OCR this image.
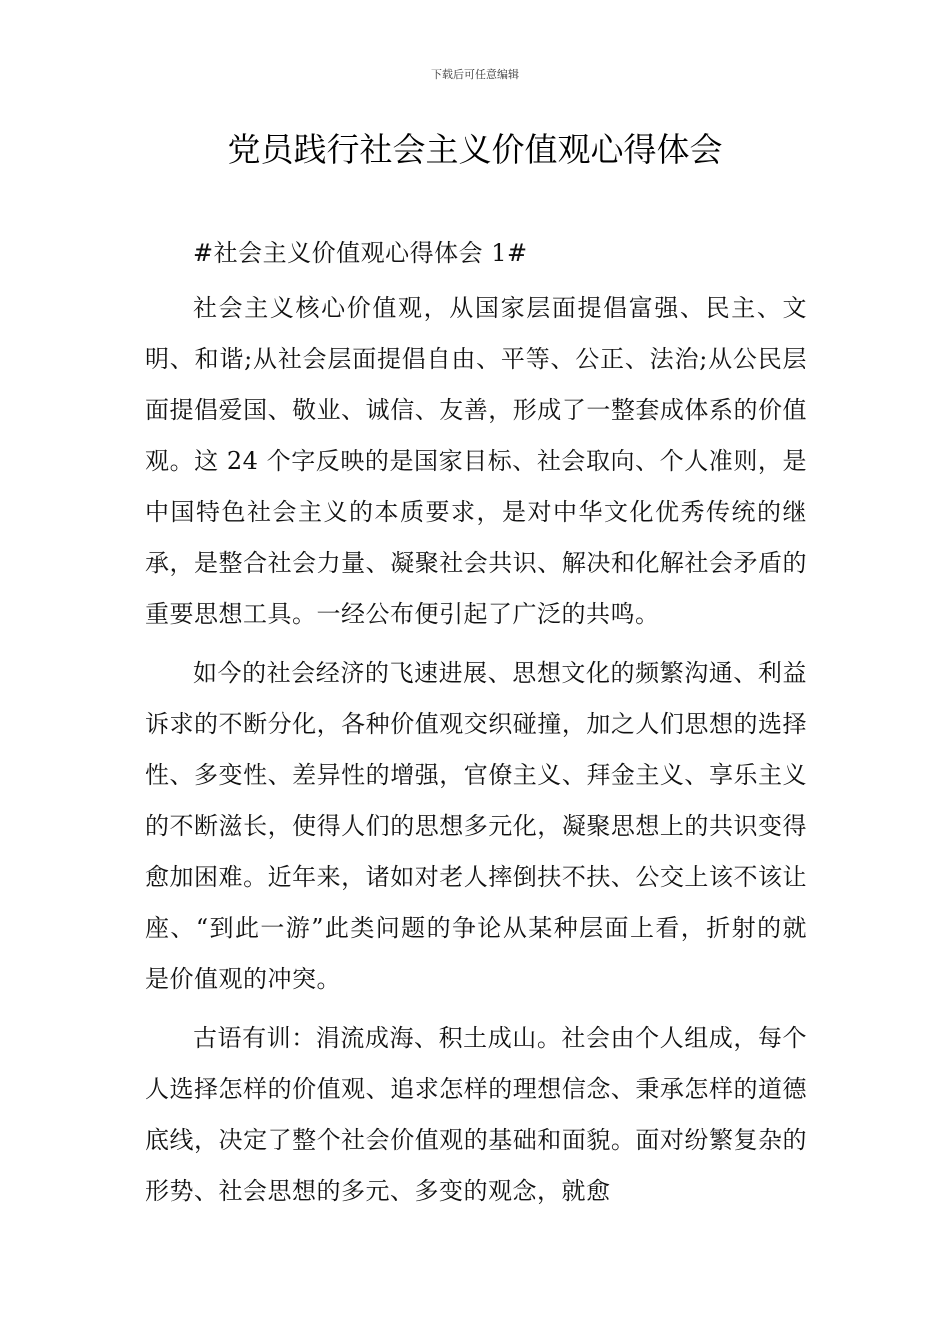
下载后可任意编辑
党员践行社会主义价值观心得体会

#社会主义价值观心得体会 1#

社会主义核心价值观，从国家层面提倡富强、民主、文明、和谐;从社会层面提倡自由、平等、公正、法治;从公民层面提倡爱国、敬业、诚信、友善，形成了一整套成体系的价值观。这 24 个字反映的是国家目标、社会取向、个人准则，是中国特色社会主义的本质要求，是对中华文化优秀传统的继承，是整合社会力量、凝聚社会共识、解决和化解社会矛盾的重要思想工具。一经公布便引起了广泛的共鸣。

如今的社会经济的飞速进展、思想文化的频繁沟通、利益诉求的不断分化，各种价值观交织碰撞，加之人们思想的选择性、多变性、差异性的增强，官僚主义、拜金主义、享乐主义的不断滋长，使得人们的思想多元化，凝聚思想上的共识变得愈加困难。近年来，诸如对老人摔倒扶不扶、公交上该不该让座、“到此一游”此类问题的争论从某种层面上看，折射的就是价值观的冲突。

古语有训：涓流成海、积土成山。社会由个人组成，每个人选择怎样的价值观、追求怎样的理想信念、秉承怎样的道德底线，决定了整个社会价值观的基础和面貌。面对纷繁复杂的形势、社会思想的多元、多变的观念，就愈
